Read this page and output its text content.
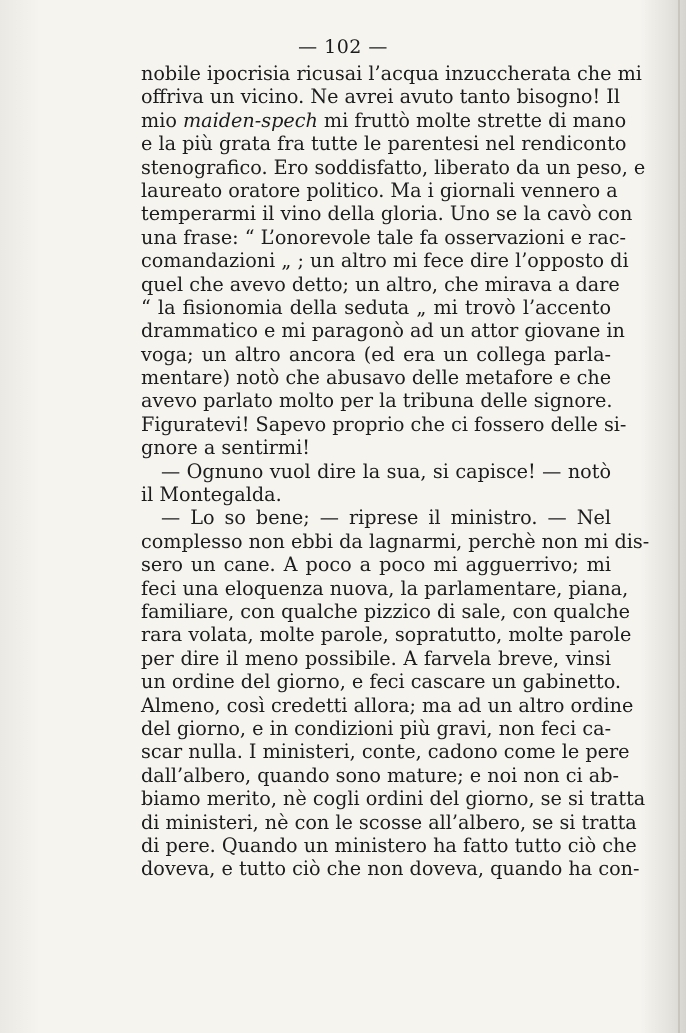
— 102 —
nobile ipocrisia ricusai l’acqua inzuccherata che mi
offriva un vicino. Ne avrei avuto tanto bisogno! Il
mio maiden-spech mi fruttò molte strette di mano
e la più grata fra tutte le parentesi nel rendiconto
stenografico. Ero soddisfatto, liberato da un peso, e
laureato oratore politico. Ma i giornali vennero a
temperarmi il vino della gloria. Uno se la cavò con
una frase: “ L’onorevole tale fa osservazioni e rac-
comandazioni „ ; un altro mi fece dire l’opposto di
quel che avevo detto; un altro, che mirava a dare
“ la fisionomia della seduta „ mi trovò l’accento
drammatico e mi paragonò ad un attor giovane in
voga; un altro ancora (ed era un collega parla-
mentare) notò che abusavo delle metafore e che
avevo parlato molto per la tribuna delle signore.
Figuratevi! Sapevo proprio che ci fossero delle si-
gnore a sentirmi!
— Ognuno vuol dire la sua, si capisce! — notò
il Montegalda.
— Lo so bene; — riprese il ministro. — Nel
complesso non ebbi da lagnarmi, perchè non mi dis-
sero un cane. A poco a poco mi agguerrivo; mi
feci una eloquenza nuova, la parlamentare, piana,
familiare, con qualche pizzico di sale, con qualche
rara volata, molte parole, sopratutto, molte parole
per dire il meno possibile. A farvela breve, vinsi
un ordine del giorno, e feci cascare un gabinetto.
Almeno, così credetti allora; ma ad un altro ordine
del giorno, e in condizioni più gravi, non feci ca-
scar nulla. I ministeri, conte, cadono come le pere
dall’albero, quando sono mature; e noi non ci ab-
biamo merito, nè cogli ordini del giorno, se si tratta
di ministeri, nè con le scosse all’albero, se si tratta
di pere. Quando un ministero ha fatto tutto ciò che
doveva, e tutto ciò che non doveva, quando ha con-
